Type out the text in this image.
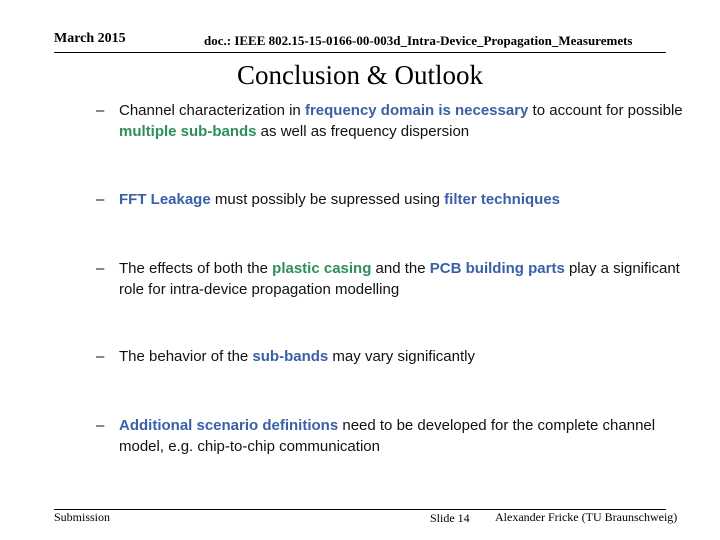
March 2015	doc.: IEEE 802.15-15-0166-00-003d_Intra-Device_Propagation_Measuremets
Conclusion & Outlook
– Channel characterization in frequency domain is necessary to account for possible multiple sub-bands as well as frequency dispersion
– FFT Leakage must possibly be supressed using filter techniques
– The effects of both the plastic casing and the PCB building parts play a significant role for intra-device propagation modelling
– The behavior of the sub-bands may vary significantly
– Additional scenario definitions need to be developed for the complete channel model, e.g. chip-to-chip communication
Submission	Slide 14 Alexander Fricke (TU Braunschweig)
